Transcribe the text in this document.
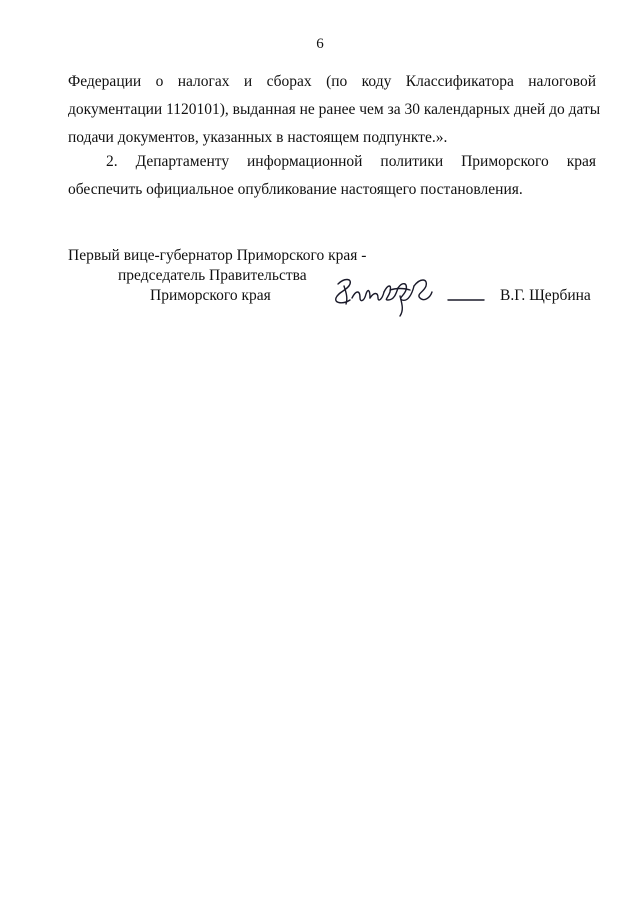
6
Федерации о налогах и сборах (по коду Классификатора налоговой
документации 1120101), выданная не ранее чем за 30 календарных дней до даты
подачи документов, указанных в настоящем подпункте.».
2. Департаменту информационной политики Приморского края
обеспечить официальное опубликование настоящего постановления.
Первый вице-губернатор Приморского края -
председатель Правительства
Приморского края	В.Г. Щербина
